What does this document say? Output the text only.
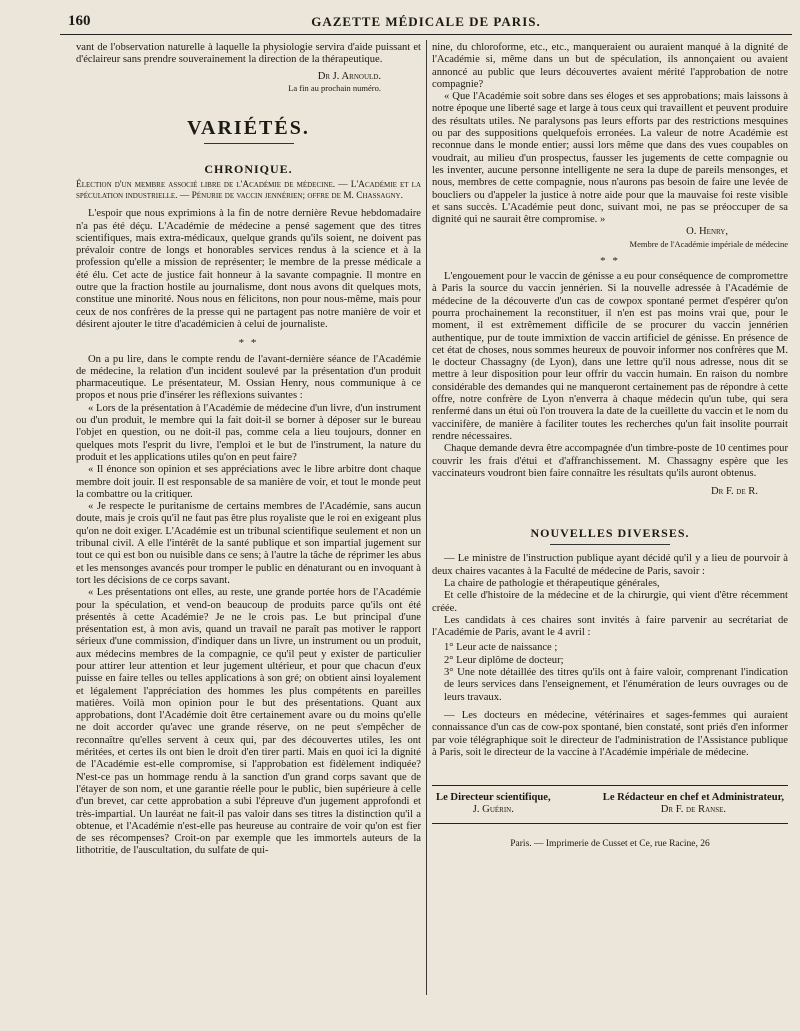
160	GAZETTE MÉDICALE DE PARIS.

vant de l'observation naturelle à laquelle la physiologie servira d'aide puissant et d'éclaireur sans prendre souverainement la direction de la thérapeutique.

Dr J. Arnould.

La fin au prochain numéro.

VARIÉTÉS.
CHRONIQUE.

Élection d'un membre associé libre de l'Académie de médecine. — L'Académie et la spéculation industrielle. — Pénurie de vaccin jennérien; offre de M. Chassagny.

L'espoir que nous exprimions à la fin de notre dernière Revue hebdomadaire n'a pas été déçu. L'Académie de médecine a pensé sagement que des titres scientifiques, mais extra-médicaux, quelque grands qu'ils soient, ne doivent pas prévaloir contre de longs et honorables services rendus à la science et à la profession qu'elle a mission de représenter; le membre de la presse médicale a été élu. Cet acte de justice fait honneur à la savante compagnie. Il montre en outre que la fraction hostile au journalisme, dont nous avons dit quelques mots, constitue une minorité. Nous nous en félicitons, non pour nous-même, mais pour ceux de nos confrères de la presse qui ne partagent pas notre manière de voir et désirent ajouter le titre d'académicien à celui de journaliste.

* *

On a pu lire, dans le compte rendu de l'avant-dernière séance de l'Académie de médecine, la relation d'un incident soulevé par la présentation d'un produit pharmaceutique. Le présentateur, M. Ossian Henry, nous communique à ce propos et nous prie d'insérer les réflexions suivantes :

« Lors de la présentation à l'Académie de médecine d'un livre, d'un instrument ou d'un produit, le membre qui la fait doit-il se borner à déposer sur le bureau l'objet en question, ou ne doit-il pas, comme cela a lieu toujours, donner en quelques mots l'esprit du livre, l'emploi et le but de l'instrument, la nature du produit et les applications utiles qu'on en peut faire?

« Il énonce son opinion et ses appréciations avec le libre arbitre dont chaque membre doit jouir. Il est responsable de sa manière de voir, et tout le monde peut la combattre ou la critiquer.

« Je respecte le puritanisme de certains membres de l'Académie, sans aucun doute, mais je crois qu'il ne faut pas être plus royaliste que le roi en exigeant plus qu'on ne doit exiger. L'Académie est un tribunal scientifique seulement et non un tribunal civil. A elle l'intérêt de la santé publique et son impartial jugement sur tout ce qui est bon ou nuisible dans ce sens; à l'autre la tâche de réprimer les abus et les mensonges avancés pour tromper le public en dénaturant ou en invoquant à tort les décisions de ce corps savant.

« Les présentations ont elles, au reste, une grande portée hors de l'Académie pour la spéculation, et vend-on beaucoup de produits parce qu'ils ont été présentés à cette Académie? Je ne le crois pas. Le but principal d'une présentation est, à mon avis, quand un travail ne paraît pas motiver le rapport sérieux d'une commission, d'indiquer dans un livre, un instrument ou un produit, aux médecins membres de la compagnie, ce qu'il peut y exister de particulier pour attirer leur attention et leur jugement ultérieur, et pour que chacun d'eux puisse en faire telles ou telles applications à son gré; on obtient ainsi loyalement et légalement l'appréciation des hommes les plus compétents en pareilles matières. Voilà mon opinion pour le but des présentations. Quant aux approbations, dont l'Académie doit être certainement avare ou du moins qu'elle ne doit accorder qu'avec une grande réserve, on ne peut s'empêcher de reconnaître qu'elles servent à ceux qui, par des découvertes utiles, les ont méritées, et certes ils ont bien le droit d'en tirer parti. Mais en quoi ici la dignité de l'Académie est-elle compromise, si l'approbation est fidèlement indiquée? N'est-ce pas un hommage rendu à la sanction d'un grand corps savant que de l'étayer de son nom, et une garantie réelle pour le public, bien supérieure à celle d'un brevet, car cette approbation a subi l'épreuve d'un jugement approfondi et très-impartial. Un lauréat ne fait-il pas valoir dans ses titres la distinction qu'il a obtenue, et l'Académie n'est-elle pas heureuse au contraire de voir qu'on est fier de ses récompenses? Croit-on par exemple que les immortels auteurs de la lithotritie, de l'auscultation, du sulfate de qui-

nine, du chloroforme, etc., etc., manqueraient ou auraient manqué à la dignité de l'Académie si, même dans un but de spéculation, ils annonçaient ou avaient annoncé au public que leurs découvertes avaient mérité l'approbation de notre compagnie?

« Que l'Académie soit sobre dans ses éloges et ses approbations; mais laissons à notre époque une liberté sage et large à tous ceux qui travaillent et peuvent produire des résultats utiles. Ne paralysons pas leurs efforts par des restrictions mesquines ou par des suppositions quelquefois erronées. La valeur de notre Académie est reconnue dans le monde entier; aussi lors même que dans des vues coupables on voudrait, au milieu d'un prospectus, fausser les jugements de cette compagnie ou les inventer, aucune personne intelligente ne sera la dupe de pareils mensonges, et nous, membres de cette compagnie, nous n'aurons pas besoin de faire une levée de boucliers ou d'appeler la justice à notre aide pour que la mauvaise foi reste visible et sans succès. L'Académie peut donc, suivant moi, ne pas se préoccuper de sa dignité qui ne saurait être compromise. »

O. Henry,

Membre de l'Académie impériale de médecine

* *

L'engouement pour le vaccin de génisse a eu pour conséquence de compromettre à Paris la source du vaccin jennérien. Si la nouvelle adressée à l'Académie de médecine de la découverte d'un cas de cowpox spontané permet d'espérer qu'on pourra prochainement la reconstituer, il n'en est pas moins vrai que, pour le moment, il est extrêmement difficile de se procurer du vaccin jennérien authentique, pur de toute immixtion de vaccin artificiel de génisse. En présence de cet état de choses, nous sommes heureux de pouvoir informer nos confrères que M. le docteur Chassagny (de Lyon), dans une lettre qu'il nous adresse, nous dit se mettre à leur disposition pour leur offrir du vaccin humain. En raison du nombre considérable des demandes qui ne manqueront certainement pas de répondre à cette offre, notre confrère de Lyon n'enverra à chaque médecin qu'un tube, qui sera renfermé dans un étui où l'on trouvera la date de la cueillette du vaccin et le nom du vaccinifère, de manière à faciliter toutes les recherches qu'un fait insolite pourrait rendre nécessaires.

Chaque demande devra être accompagnée d'un timbre-poste de 10 centimes pour couvrir les frais d'étui et d'affranchissement. M. Chassagny espère que les vaccinateurs voudront bien faire connaître les résultats qu'ils auront obtenus.

Dr F. de R.

NOUVELLES DIVERSES.

— Le ministre de l'instruction publique ayant décidé qu'il y a lieu de pourvoir à deux chaires vacantes à la Faculté de médecine de Paris, savoir :

La chaire de pathologie et thérapeutique générales,

Et celle d'histoire de la médecine et de la chirurgie, qui vient d'être récemment créée.

Les candidats à ces chaires sont invités à faire parvenir au secrétariat de l'Académie de Paris, avant le 4 avril :

1° Leur acte de naissance ;

2° Leur diplôme de docteur;

3° Une note détaillée des titres qu'ils ont à faire valoir, comprenant l'indication de leurs services dans l'enseignement, et l'énumération de leurs ouvrages ou de leurs travaux.

— Les docteurs en médecine, vétérinaires et sages-femmes qui auraient connaissance d'un cas de cow-pox spontané, bien constaté, sont priés d'en informer par voie télégraphique soit le directeur de l'administration de l'Assistance publique à Paris, soit le directeur de la vaccine à l'Académie impériale de médecine.

Le Directeur scientifique,
J. Guérin.
Le Rédacteur en chef et Administrateur,
Dr F. de Ranse.

Paris. — Imprimerie de Cusset et Ce, rue Racine, 26
